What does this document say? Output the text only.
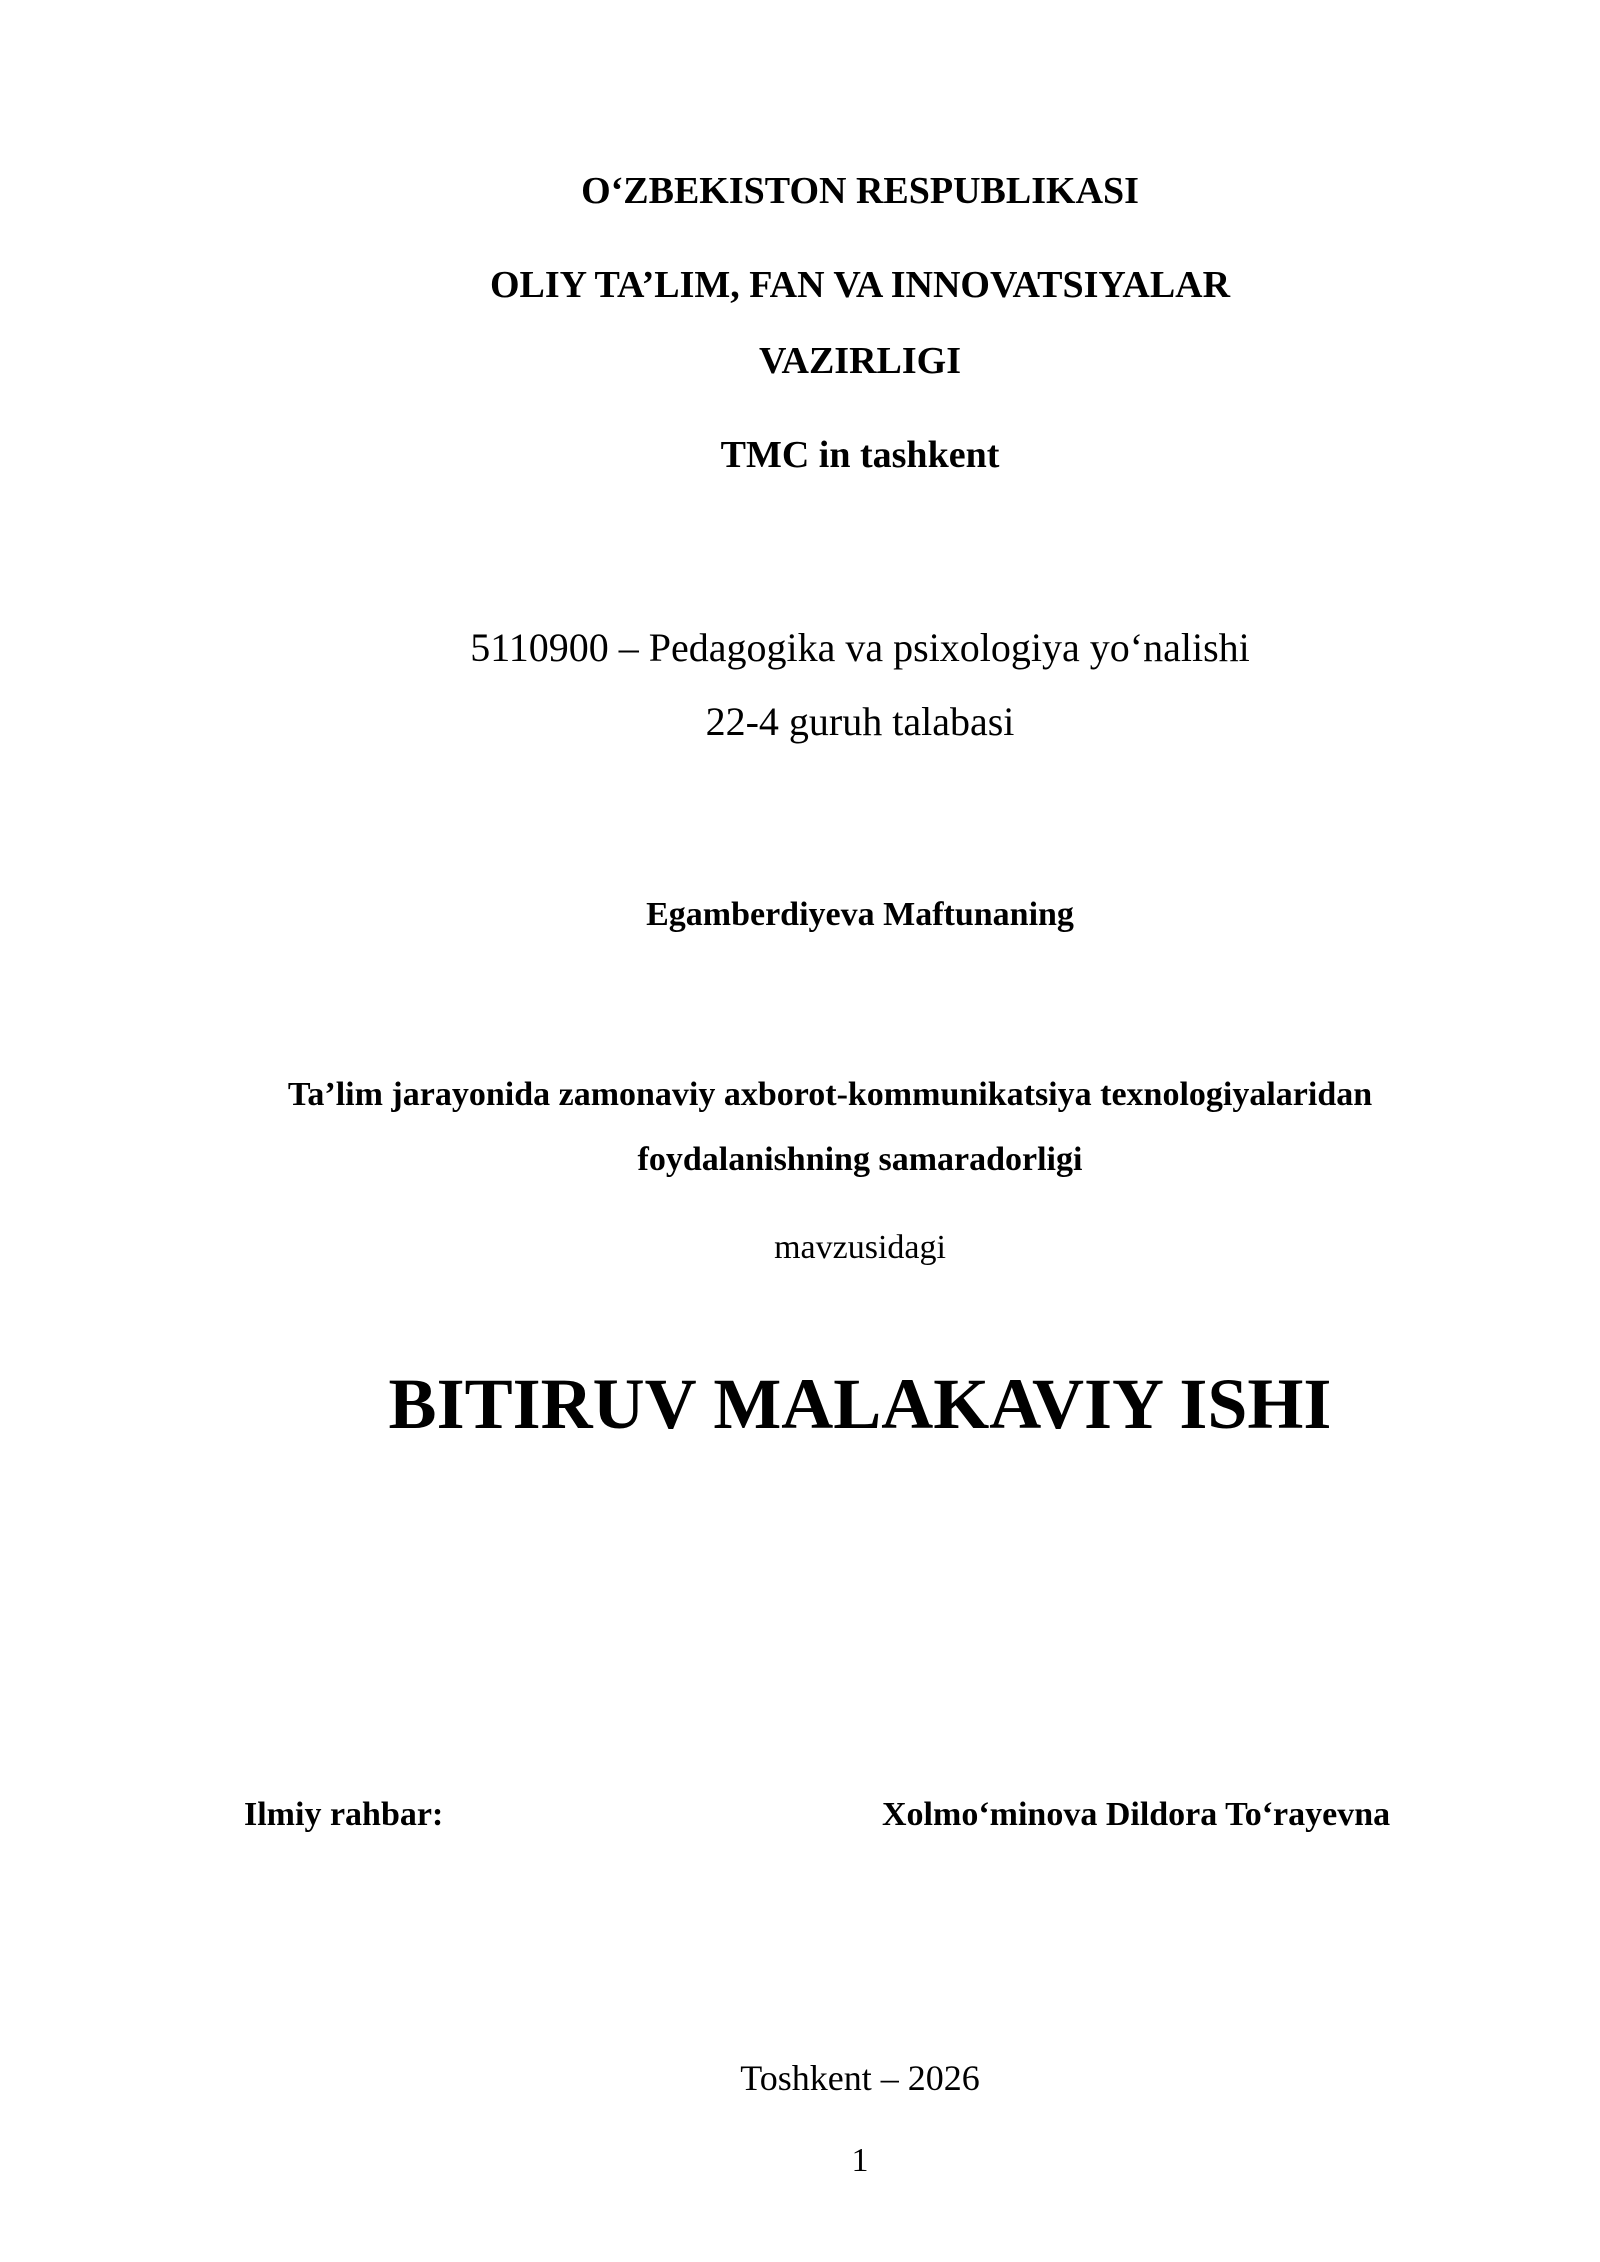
O‘ZBEKISTON RESPUBLIKASI
OLIY TA’LIM, FAN VA INNOVATSIYALAR
VAZIRLIGI
TMC in tashkent
5110900 – Pedagogika va psixologiya yo‘nalishi
22-4 guruh talabasi
Egamberdiyeva Maftunaning
Ta’lim jarayonida zamonaviy axborot-kommunikatsiya texnologiyalaridan
foydalanishning samaradorligi
mavzusidagi
BITIRUV MALAKAVIY ISHI
Ilmiy rahbar:	Xolmo‘minova Dildora To‘rayevna
Toshkent – 2026
1
